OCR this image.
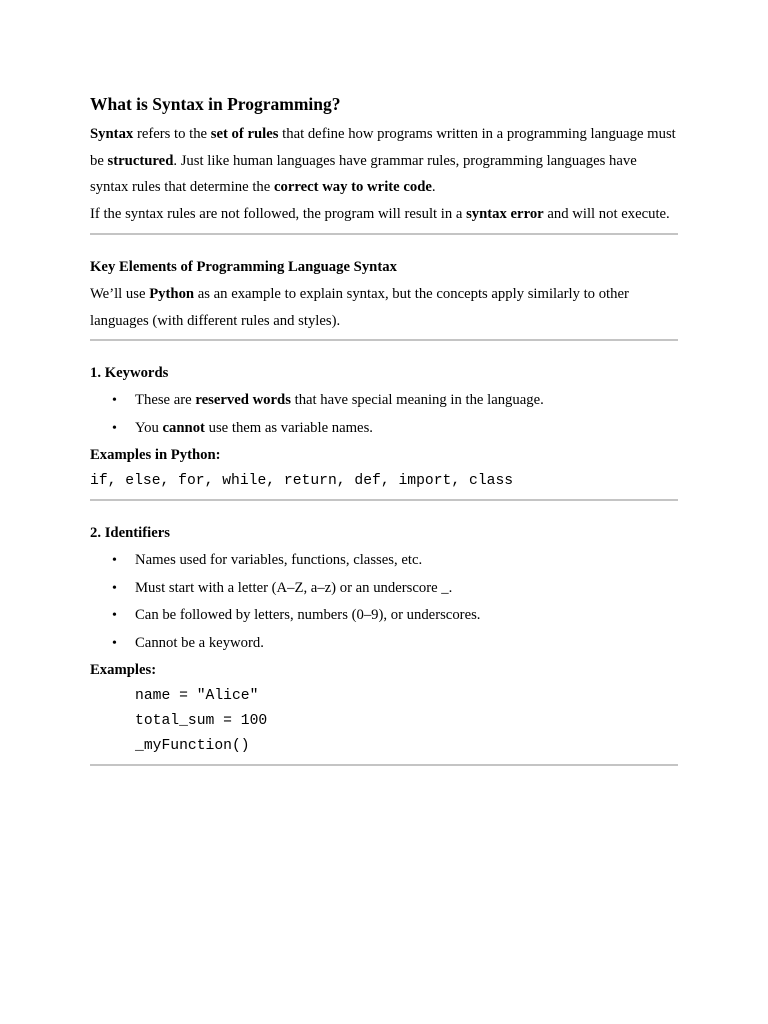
What is Syntax in Programming?

Syntax refers to the set of rules that define how programs written in a programming language must be structured. Just like human languages have grammar rules, programming languages have syntax rules that determine the correct way to write code.

If the syntax rules are not followed, the program will result in a syntax error and will not execute.

Key Elements of Programming Language Syntax

We’ll use Python as an example to explain syntax, but the concepts apply similarly to other languages (with different rules and styles).

1. Keywords
• These are reserved words that have special meaning in the language.
• You cannot use them as variable names.
Examples in Python:
if, else, for, while, return, def, import, class
2. Identifiers
• Names used for variables, functions, classes, etc.
• Must start with a letter (A–Z, a–z) or an underscore _.
• Can be followed by letters, numbers (0–9), or underscores.
• Cannot be a keyword.
Examples:
name = "Alice"
total_sum = 100
_myFunction()
